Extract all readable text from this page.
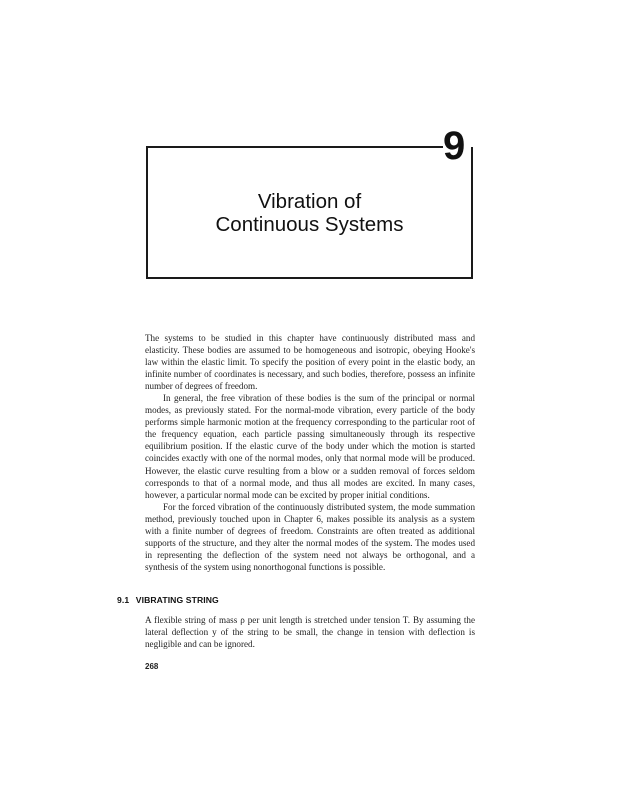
9
Vibration of
Continuous Systems

The systems to be studied in this chapter have continuously distributed mass and elasticity. These bodies are assumed to be homogeneous and isotropic, obeying Hooke's law within the elastic limit. To specify the position of every point in the elastic body, an infinite number of coordinates is necessary, and such bodies, therefore, possess an infinite number of degrees of freedom.

In general, the free vibration of these bodies is the sum of the principal or normal modes, as previously stated. For the normal-mode vibration, every particle of the body performs simple harmonic motion at the frequency corresponding to the particular root of the frequency equation, each particle passing simultaneously through its respective equilibrium position. If the elastic curve of the body under which the motion is started coincides exactly with one of the normal modes, only that normal mode will be produced. However, the elastic curve resulting from a blow or a sudden removal of forces seldom corresponds to that of a normal mode, and thus all modes are excited. In many cases, however, a particular normal mode can be excited by proper initial conditions.

For the forced vibration of the continuously distributed system, the mode summation method, previously touched upon in Chapter 6, makes possible its analysis as a system with a finite number of degrees of freedom. Constraints are often treated as additional supports of the structure, and they alter the normal modes of the system. The modes used in representing the deflection of the system need not always be orthogonal, and a synthesis of the system using nonorthogonal functions is possible.

9.1 VIBRATING STRING

A flexible string of mass ρ per unit length is stretched under tension T. By assuming the lateral deflection y of the string to be small, the change in tension with deflection is negligible and can be ignored.

268
